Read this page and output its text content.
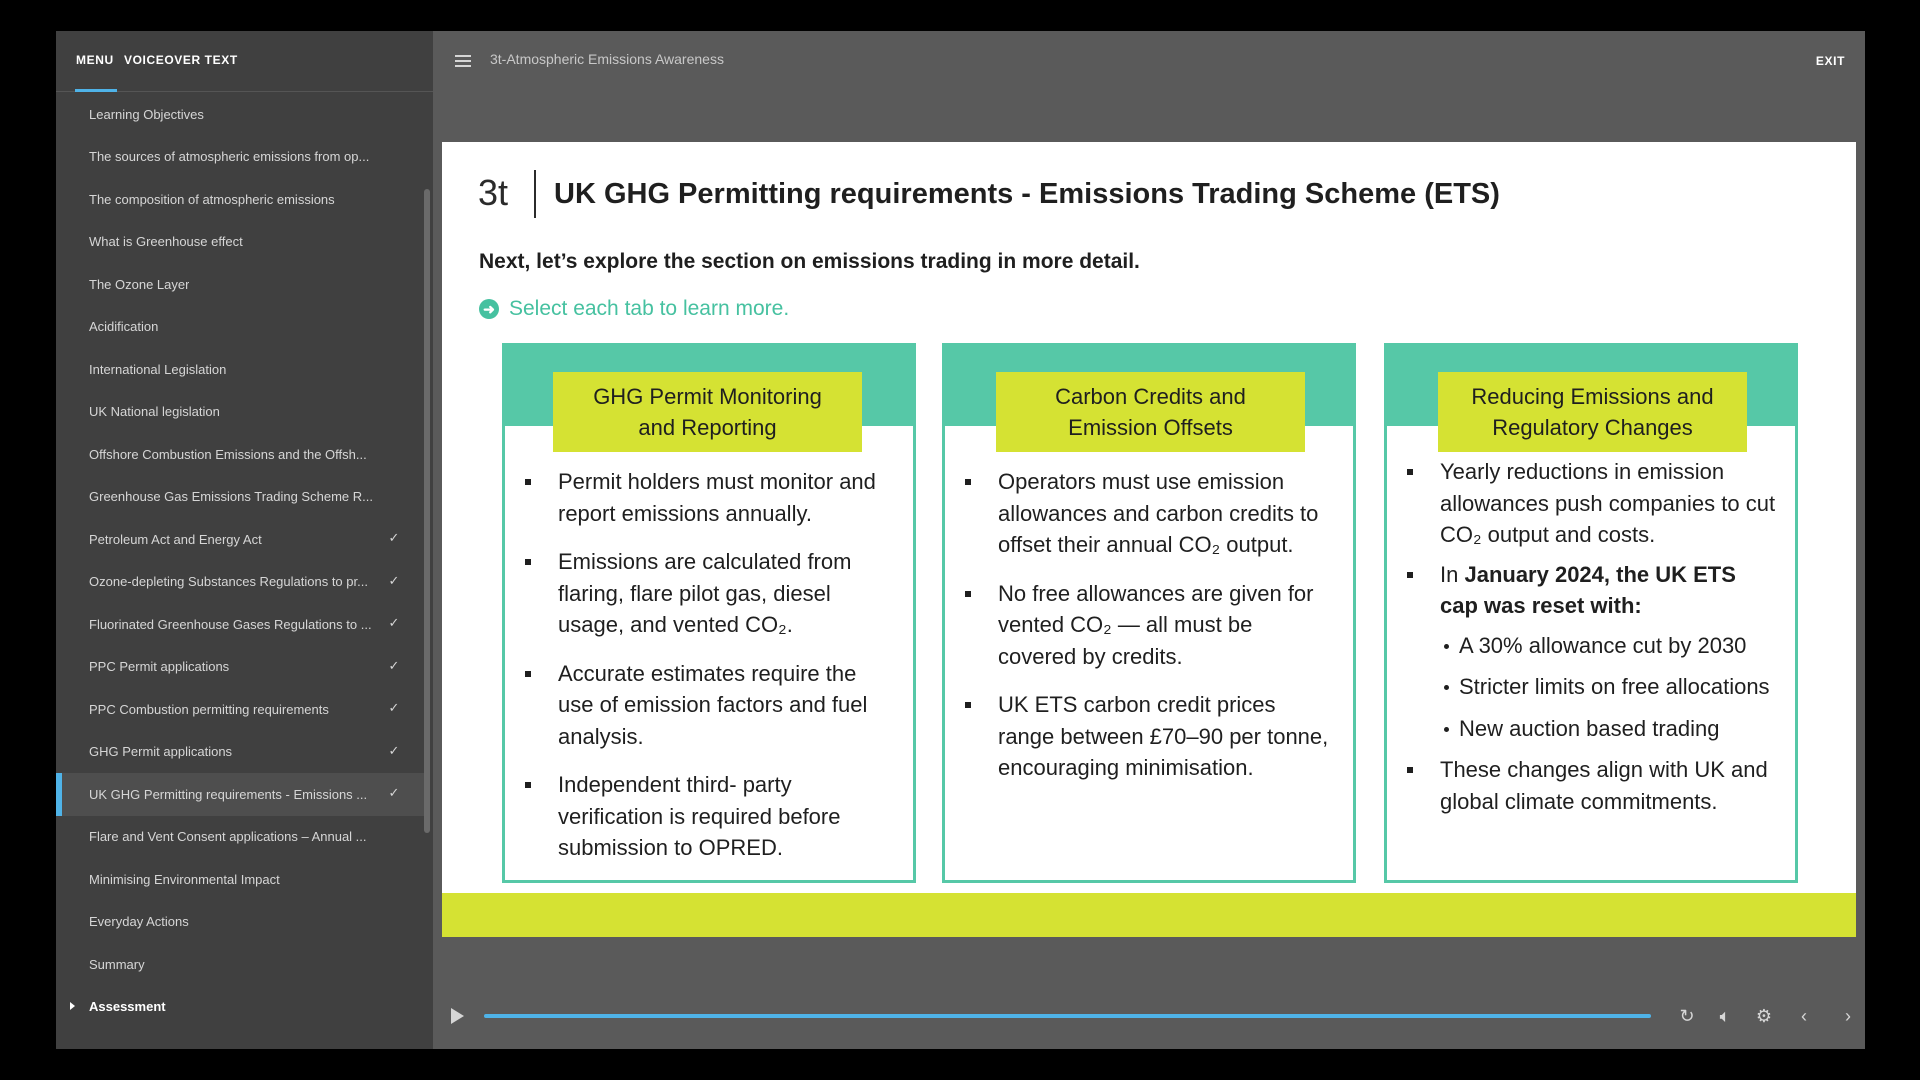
MENU VOICEOVER TEXT
Learning Objectives
The sources of atmospheric emissions from op...
The composition of atmospheric emissions
What is Greenhouse effect
The Ozone Layer
Acidification
International Legislation
UK National legislation
Offshore Combustion Emissions and the Offsh...
Greenhouse Gas Emissions Trading Scheme R...
Petroleum Act and Energy Act	✓
Ozone-depleting Substances Regulations to pr... ✓
Fluorinated Greenhouse Gases Regulations to ... ✓
PPC Permit applications	✓
PPC Combustion permitting requirements	✓
GHG Permit applications	✓
UK GHG Permitting requirements - Emissions ... ✓
Flare and Vent Consent applications – Annual ...
Minimising Environmental Impact
Everyday Actions
Summary
Assessment
3t-Atmospheric Emissions Awareness	EXIT
3t UK GHG Permitting requirements - Emissions Trading Scheme (ETS)
Next, let’s explore the section on emissions trading in more detail.
➜ Select each tab to learn more.
GHG Permit Monitoring
and Reporting
Permit holders must monitor and report emissions annually.
Emissions are calculated from flaring, flare pilot gas, diesel usage, and vented CO₂.
Accurate estimates require the use of emission factors and fuel analysis.
Independent third- party verification is required before submission to OPRED.
Carbon Credits and
Emission Offsets
Operators must use emission allowances and carbon credits to offset their annual CO₂ output.
No free allowances are given for vented CO₂ — all must be covered by credits.
UK ETS carbon credit prices range between £70–90 per tonne, encouraging minimisation.
Reducing Emissions and
Regulatory Changes
Yearly reductions in emission allowances push companies to cut CO₂ output and costs.
In January 2024, the UK ETS cap was reset with:
A 30% allowance cut by 2030
Stricter limits on free allocations
New auction based trading
These changes align with UK and global climate commitments.
↻	🔈︎	⚙︎	‹	›
